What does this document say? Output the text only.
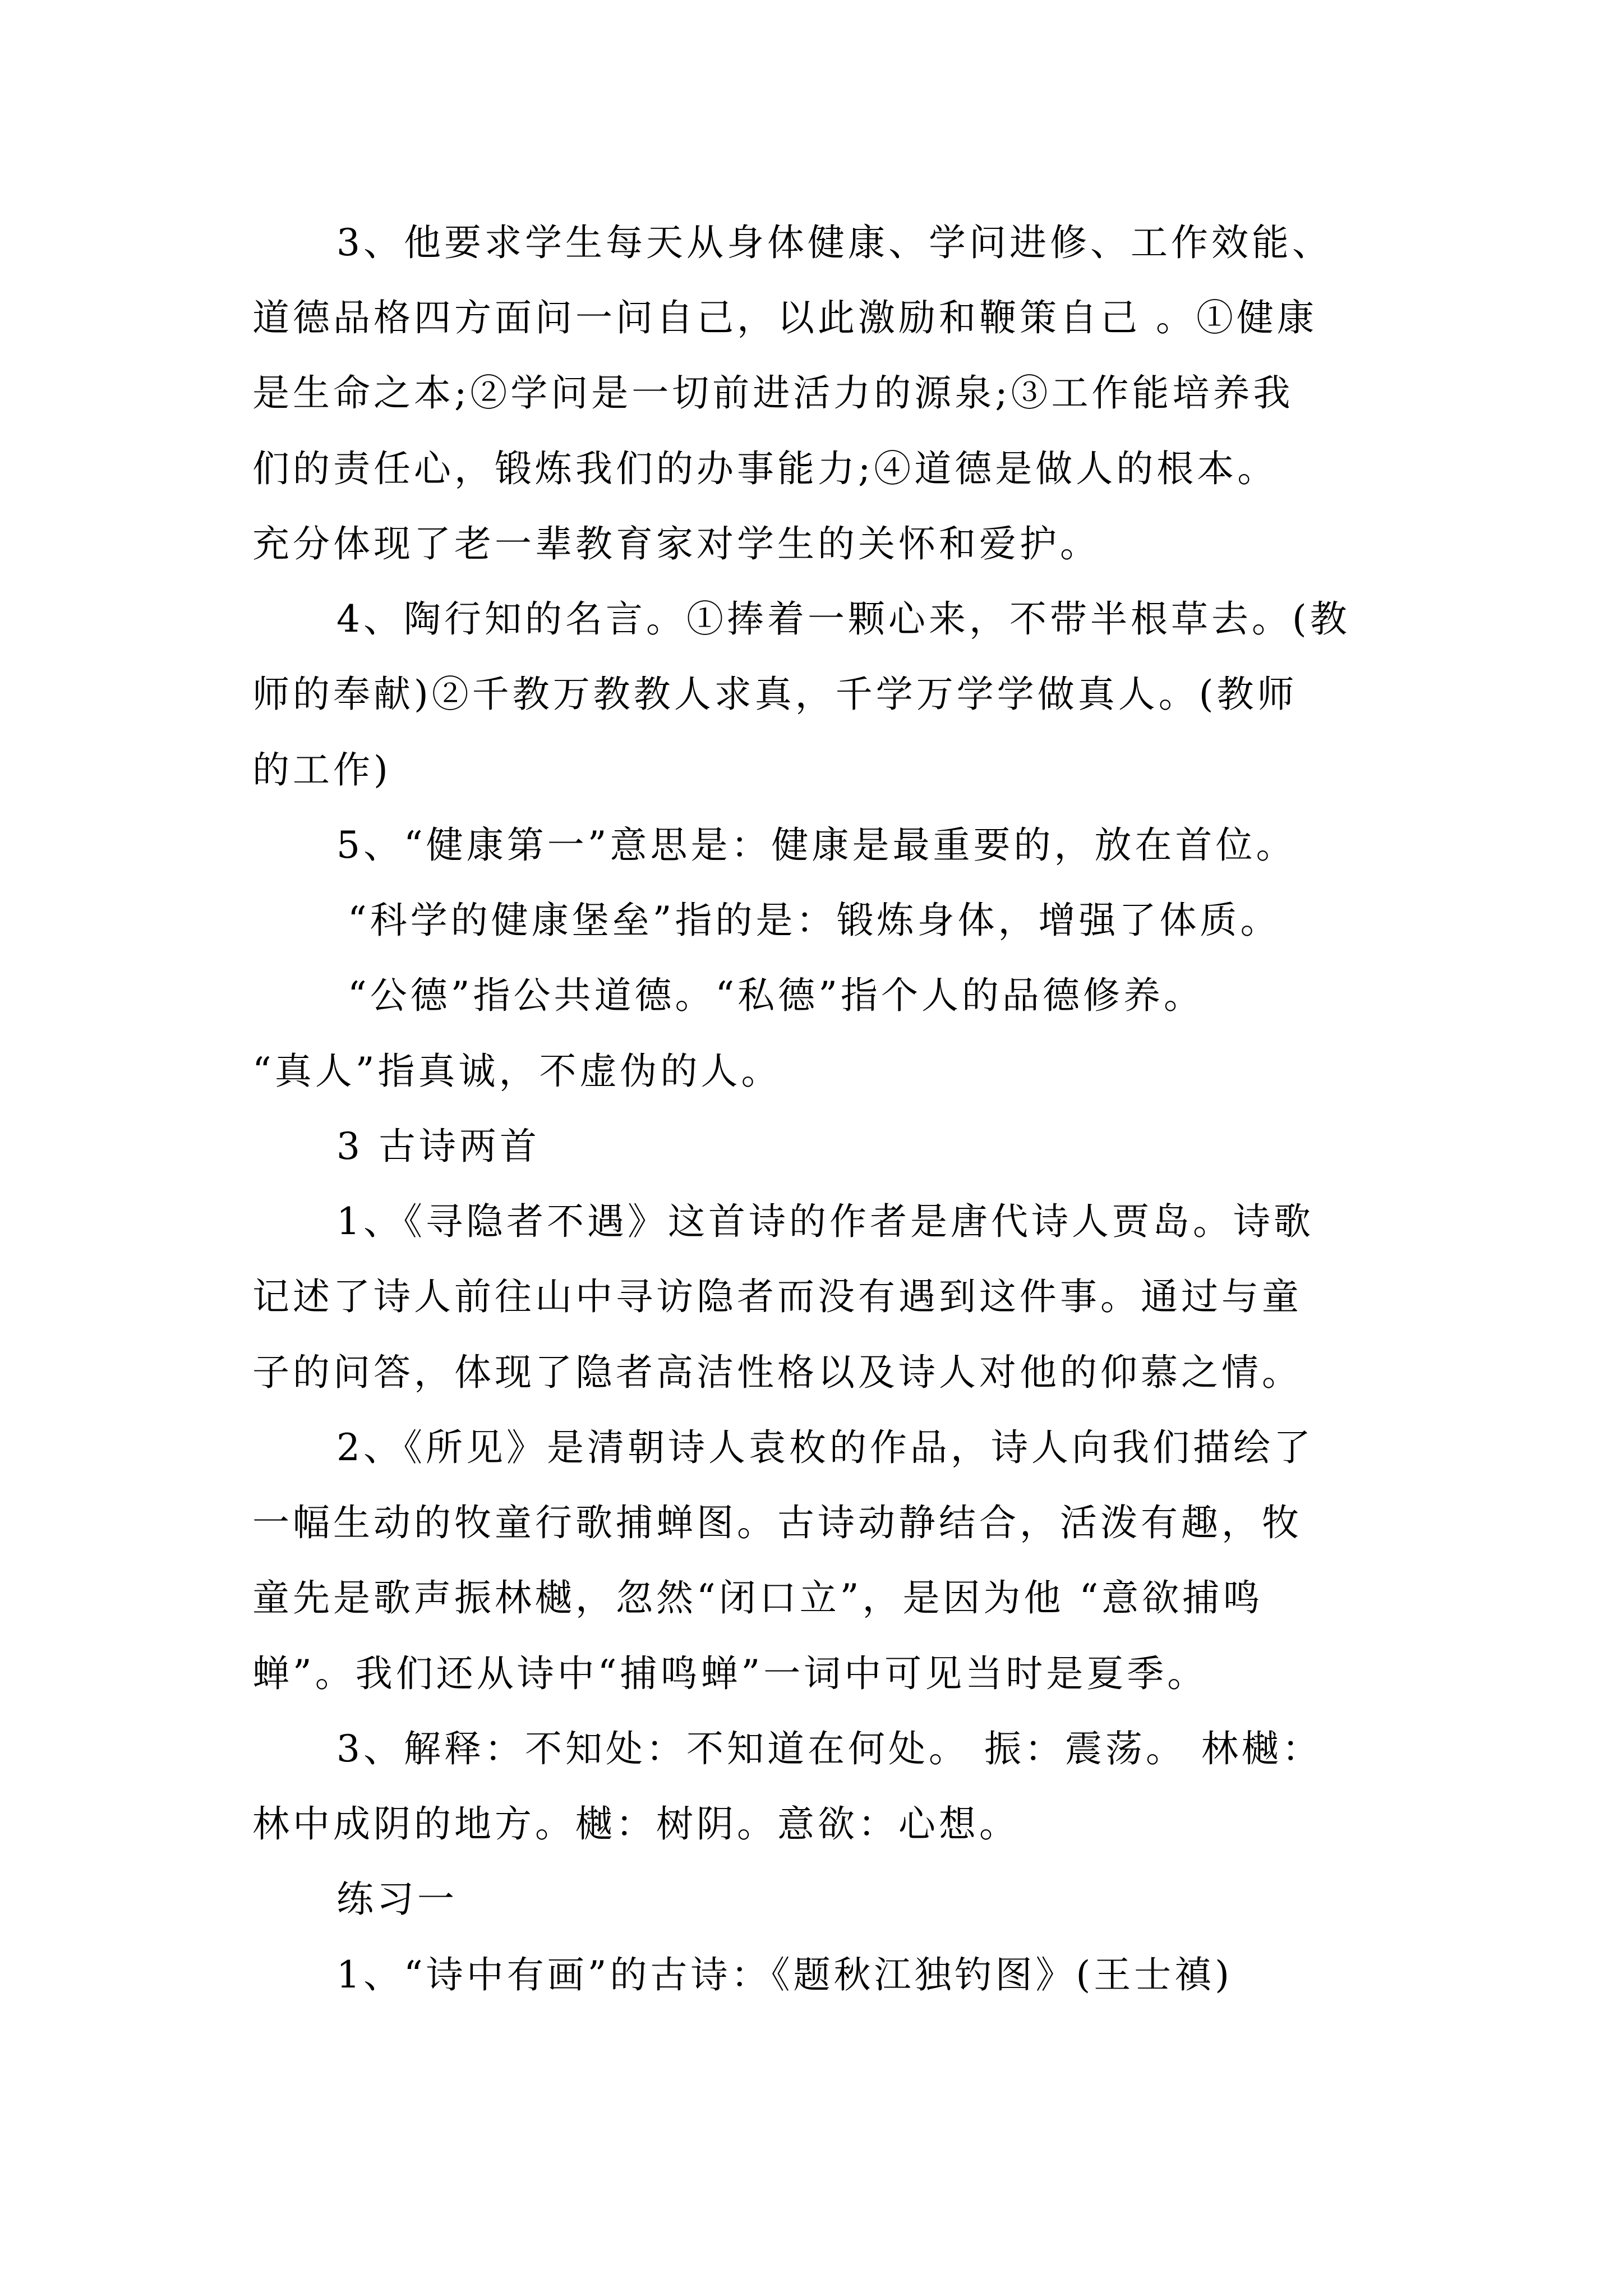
3、他要求学生每天从身体健康、学问进修、工作效能、
道德品格四方面问一问自己，以此激励和鞭策自己 。①健康
是生命之本;②学问是一切前进活力的源泉;③工作能培养我
们的责任心，锻炼我们的办事能力;④道德是做人的根本。
充分体现了老一辈教育家对学生的关怀和爱护。
4、陶行知的名言。①捧着一颗心来，不带半根草去。(教
师的奉献)②千教万教教人求真，千学万学学做真人。(教师
的工作)
5、“健康第一”意思是：健康是最重要的，放在首位。
“科学的健康堡垒”指的是：锻炼身体，增强了体质。
“公德”指公共道德。“私德”指个人的品德修养。
“真人”指真诚，不虚伪的人。
3 古诗两首
1、《寻隐者不遇》这首诗的作者是唐代诗人贾岛。诗歌
记述了诗人前往山中寻访隐者而没有遇到这件事。通过与童
子的问答，体现了隐者高洁性格以及诗人对他的仰慕之情。
2、《所见》是清朝诗人袁枚的作品，诗人向我们描绘了
一幅生动的牧童行歌捕蝉图。古诗动静结合，活泼有趣，牧
童先是歌声振林樾，忽然“闭口立”，是因为他 “意欲捕鸣
蝉”。我们还从诗中“捕鸣蝉”一词中可见当时是夏季。
3、解释：不知处：不知道在何处。 振：震荡。 林樾：
林中成阴的地方。樾：树阴。意欲：心想。
练习一
1、“诗中有画”的古诗：《题秋江独钓图》(王士禛)
